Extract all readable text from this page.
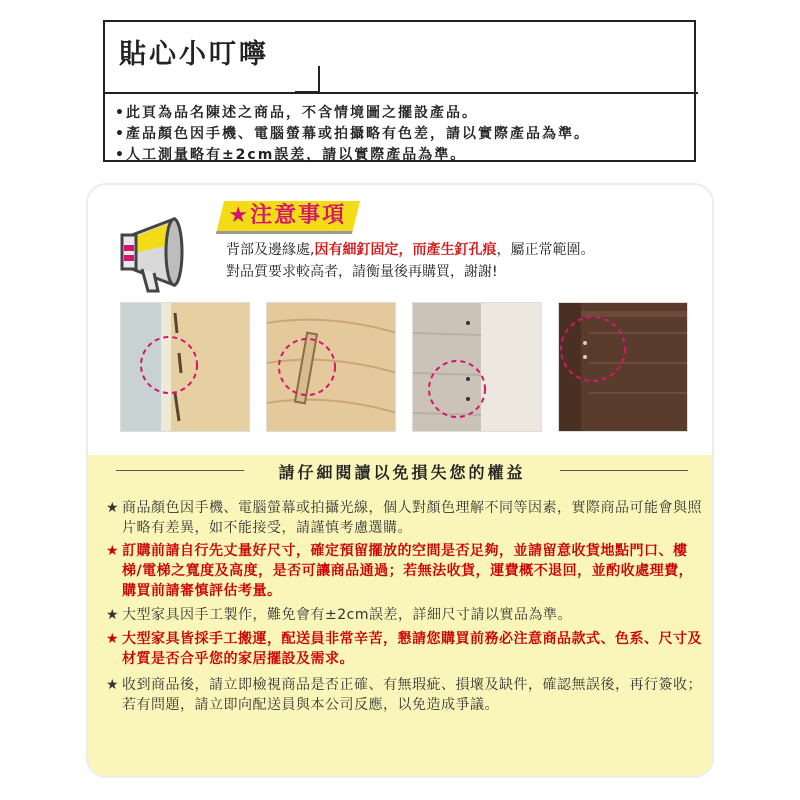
貼心小叮嚀
•此頁為品名陳述之商品，不含情境圖之擺設產品。
•產品顏色因手機、電腦螢幕或拍攝略有色差，請以實際產品為準。
•人工測量略有±2cm誤差，請以實際產品為準。
★注意事項
背部及邊緣處,因有細釘固定，而產生釘孔痕，屬正常範圍。
對品質要求較高者，請衡量後再購買，謝謝!
請仔細閱讀以免損失您的權益
★ 商品顏色因手機、電腦螢幕或拍攝光線，個人對顏色理解不同等因素，實際商品可能會與照片略有差異，如不能接受，請謹慎考慮選購。
★ 訂購前請自行先丈量好尺寸，確定預留擺放的空間是否足夠，並請留意收貨地點門口、樓梯/電梯之寬度及高度，是否可讓商品通過；若無法收貨，運費概不退回，並酌收處理費，購買前請審慎評估考量。
★ 大型家具因手工製作，難免會有±2cm誤差，詳細尺寸請以實品為準。
★ 大型家具皆採手工搬運，配送員非常辛苦，懇請您購買前務必注意商品款式、色系、尺寸及材質是否合乎您的家居擺設及需求。
★ 收到商品後，請立即檢視商品是否正確、有無瑕疵、損壞及缺件，確認無誤後，再行簽收；若有問題，請立即向配送員與本公司反應，以免造成爭議。
